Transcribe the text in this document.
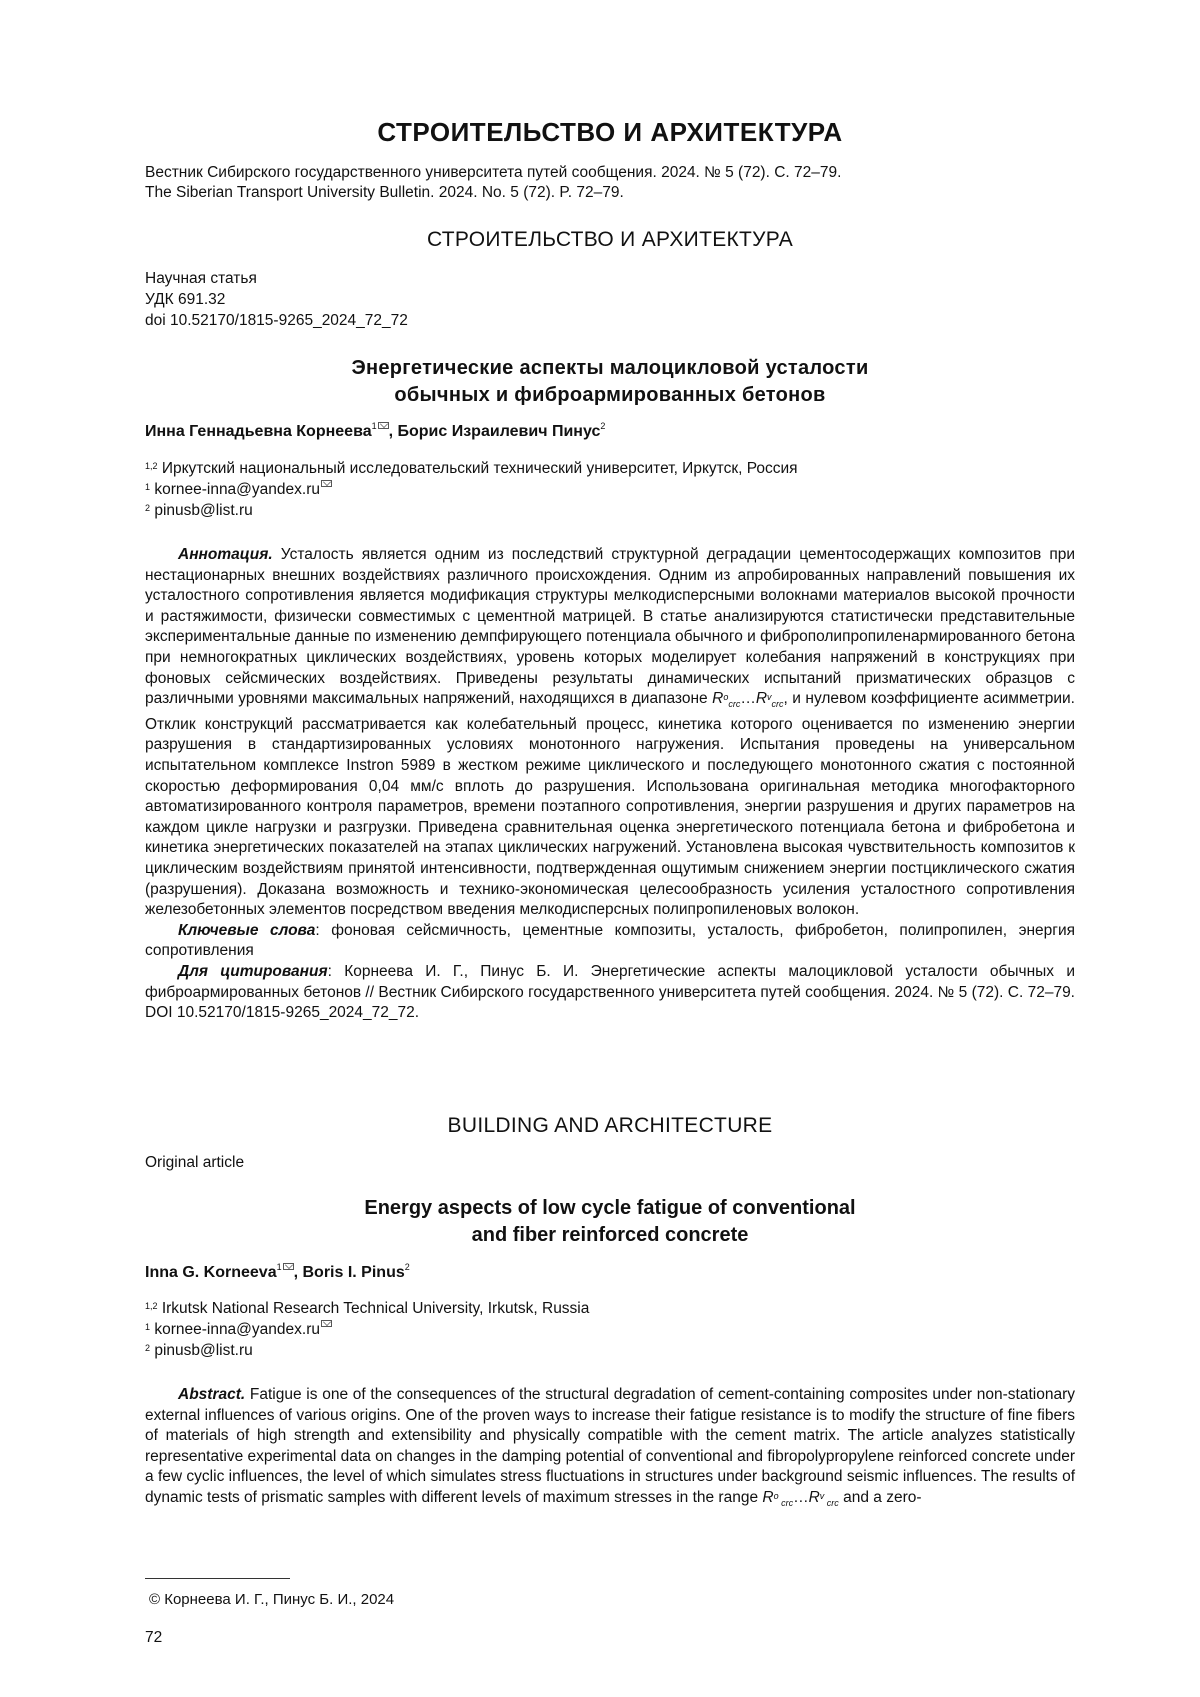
СТРОИТЕЛЬСТВО И АРХИТЕКТУРА
Вестник Сибирского государственного университета путей сообщения. 2024. № 5 (72). С. 72–79.
The Siberian Transport University Bulletin. 2024. No. 5 (72). P. 72–79.
СТРОИТЕЛЬСТВО И АРХИТЕКТУРА
Научная статья
УДК 691.32
doi 10.52170/1815-9265_2024_72_72
Энергетические аспекты малоцикловой усталости
обычных и фиброармированных бетонов
Инна Геннадьевна Корнеева$^1$ , Борис Израилевич Пинус$^2$
$^{1,2}$ Иркутский национальный исследовательский технический университет, Иркутск, Россия
$^1$ kornee-inna@yandex.ru
$^2$ pinusb@list.ru

Аннотация. Усталость является одним из последствий структурной деградации цементосодержащих композитов при нестационарных внешних воздействиях различного происхождения. Одним из апробированных направлений повышения их усталостного сопротивления является модификация структуры мелкодисперсными волокнами материалов высокой прочности и растяжимости, физически совместимых с цементной матрицей. В статье анализируются статистически представительные экспериментальные данные по изменению демпфирующего потенциала обычного и фиброполипропиленармированного бетона при немногократных циклических воздействиях, уровень которых моделирует колебания напряжений в конструкциях при фоновых сейсмических воздействиях. Приведены результаты динамических испытаний призматических образцов с различными уровнями максимальных напряжений, находящихся в диапазоне $R^o_{crc}\dots R^v_{crc}$, и нулевом коэффициенте асимметрии. Отклик конструкций рассматривается как колебательный процесс, кинетика которого оценивается по изменению энергии разрушения в стандартизированных условиях монотонного нагружения. Испытания проведены на универсальном испытательном комплексе Instron 5989 в жестком режиме циклического и последующего монотонного сжатия с постоянной скоростью деформирования 0,04 мм/с вплоть до разрушения. Использована оригинальная методика многофакторного автоматизированного контроля параметров, времени поэтапного сопротивления, энергии разрушения и других параметров на каждом цикле нагрузки и разгрузки. Приведена сравнительная оценка энергетического потенциала бетона и фибробетона и кинетика энергетических показателей на этапах циклических нагружений. Установлена высокая чувствительность композитов к циклическим воздействиям принятой интенсивности, подтвержденная ощутимым снижением энергии постциклического сжатия (разрушения). Доказана возможность и технико-экономическая целесообразность усиления усталостного сопротивления железобетонных элементов посредством введения мелкодисперсных полипропиленовых волокон.

Ключевые слова: фоновая сейсмичность, цементные композиты, усталость, фибробетон, полипропилен, энергия сопротивления

Для цитирования: Корнеева И. Г., Пинус Б. И. Энергетические аспекты малоцикловой усталости обычных и фиброармированных бетонов // Вестник Сибирского государственного университета путей сообщения. 2024. № 5 (72). С. 72–79. DOI 10.52170/1815-9265_2024_72_72.

BUILDING AND ARCHITECTURE
Original article
Energy aspects of low cycle fatigue of conventional
and fiber reinforced concrete
Inna G. Korneeva$^1$ , Boris I. Pinus$^2$
$^{1,2}$ Irkutsk National Research Technical University, Irkutsk, Russia
$^1$ kornee-inna@yandex.ru
$^2$ pinusb@list.ru

Abstract. Fatigue is one of the consequences of the structural degradation of cement-containing composites under non-stationary external influences of various origins. One of the proven ways to increase their fatigue resistance is to modify the structure of fine fibers of materials of high strength and extensibility and physically compatible with the cement matrix. The article analyzes statistically representative experimental data on changes in the damping potential of conventional and fibropolypropylene reinforced concrete under a few cyclic influences, the level of which simulates stress fluctuations in structures under background seismic influences. The results of dynamic tests of prismatic samples with different levels of maximum stresses in the range $R^o$ $_{crc}\dots R^v$ $_{crc}$ and a zero-

© Корнеева И. Г., Пинус Б. И., 2024
72
